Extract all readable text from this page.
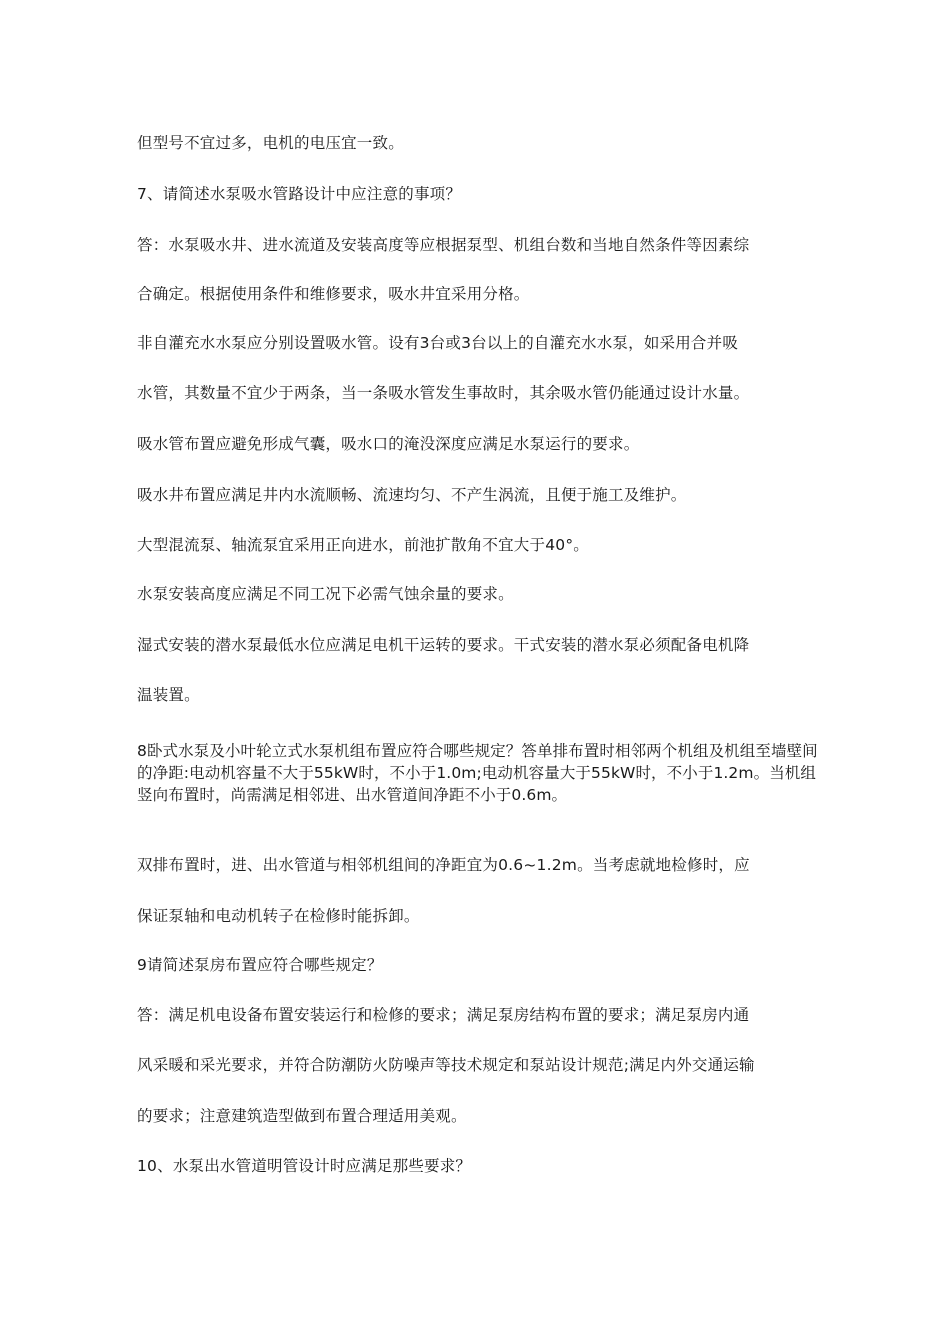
但型号不宜过多，电机的电压宜一致。
7、请简述水泵吸水管路设计中应注意的事项？
答：水泵吸水井、进水流道及安装高度等应根据泵型、机组台数和当地自然条件等因素综
合确定。根据使用条件和维修要求，吸水井宜采用分格。
非自灌充水水泵应分别设置吸水管。设有3台或3台以上的自灌充水水泵，如采用合并吸
水管，其数量不宜少于两条，当一条吸水管发生事故时，其余吸水管仍能通过设计水量。
吸水管布置应避免形成气囊，吸水口的淹没深度应满足水泵运行的要求。
吸水井布置应满足井内水流顺畅、流速均匀、不产生涡流，且便于施工及维护。
大型混流泵、轴流泵宜采用正向进水，前池扩散角不宜大于40°。
水泵安装高度应满足不同工况下必需气蚀余量的要求。
湿式安装的潜水泵最低水位应满足电机干运转的要求。干式安装的潜水泵必须配备电机降
温装置。
8卧式水泵及小叶轮立式水泵机组布置应符合哪些规定？答单排布置时相邻两个机组及机组至墙壁间的净距:电动机容量不大于55kW时，不小于1.0m;电动机容量大于55kW时，不小于1.2m。当机组竖向布置时，尚需满足相邻进、出水管道间净距不小于0.6m。
双排布置时，进、出水管道与相邻机组间的净距宜为0.6~1.2m。当考虑就地检修时，应
保证泵轴和电动机转子在检修时能拆卸。
9请简述泵房布置应符合哪些规定？
答：满足机电设备布置安装运行和检修的要求；满足泵房结构布置的要求；满足泵房内通
风采暖和采光要求，并符合防潮防火防噪声等技术规定和泵站设计规范;满足内外交通运输
的要求；注意建筑造型做到布置合理适用美观。
10、水泵出水管道明管设计时应满足那些要求？
